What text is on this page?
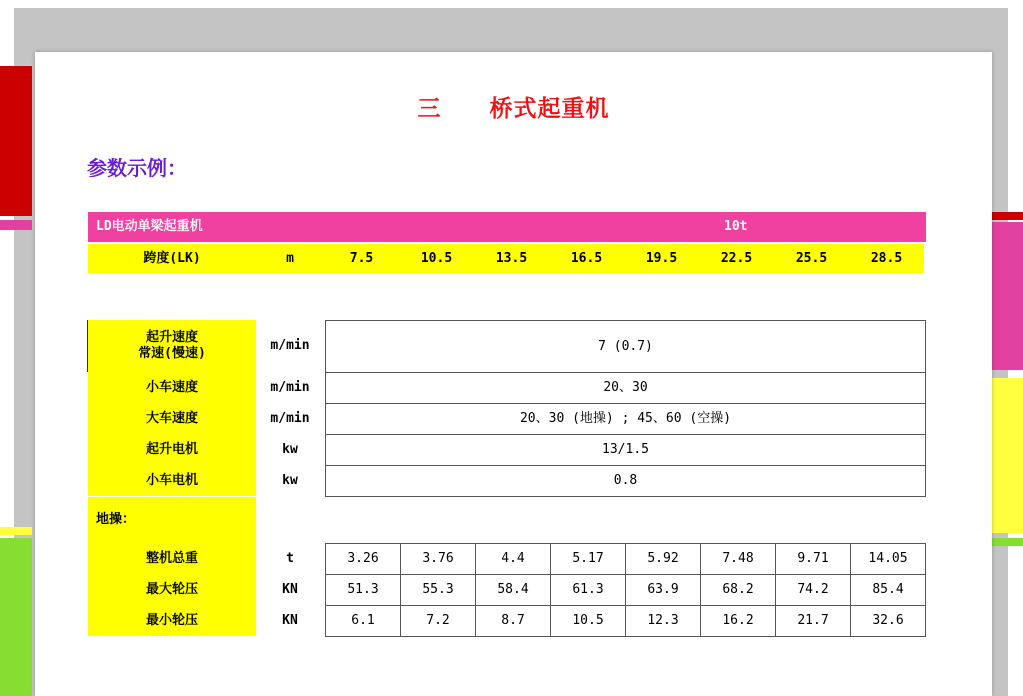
三 桥式起重机
参数示例：
LD电动单梁起重机	10t
跨度(LK)	m	7.5	10.5	13.5	16.5	19.5	22.5	25.5	28.5
起升速度
常速(慢速)
m/min	7 (0.7)
小车速度	m/min	20、30
大车速度	m/min	20、30 (地操) ; 45、60 (空操)
起升电机	kw	13/1.5
小车电机	kw	0.8
地操：
整机总重	t	3.26	3.76	4.4	5.17	5.92	7.48	9.71	14.05
最大轮压	KN	51.3	55.3	58.4	61.3	63.9	68.2	74.2	85.4
最小轮压	KN	6.1	7.2	8.7	10.5	12.3	16.2	21.7	32.6
